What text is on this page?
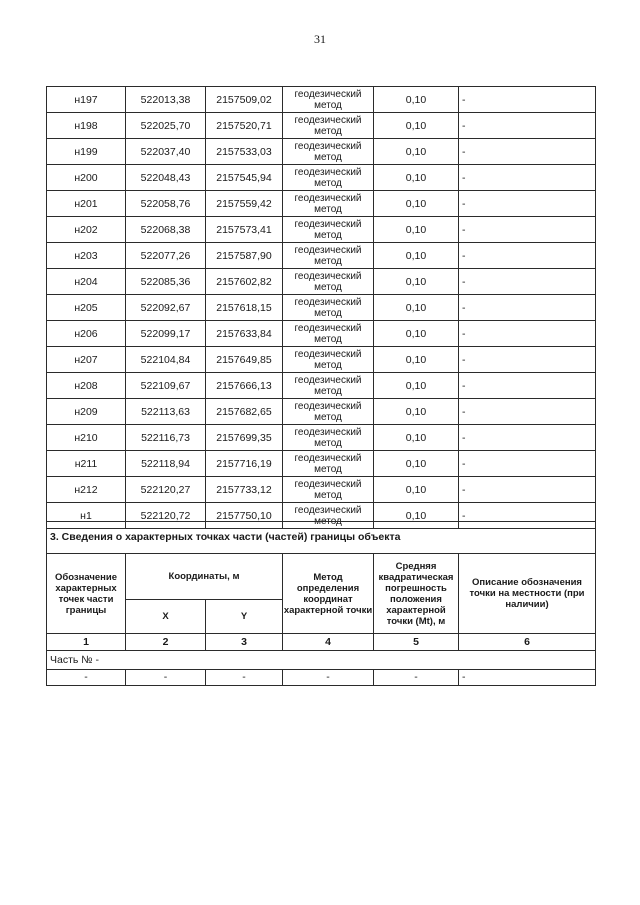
31
н197	522013,38	2157509,02	геодезический метод	0,10	-
н198	522025,70	2157520,71	геодезический метод	0,10	-
н199	522037,40	2157533,03	геодезический метод	0,10	-
н200	522048,43	2157545,94	геодезический метод	0,10	-
н201	522058,76	2157559,42	геодезический метод	0,10	-
н202	522068,38	2157573,41	геодезический метод	0,10	-
н203	522077,26	2157587,90	геодезический метод	0,10	-
н204	522085,36	2157602,82	геодезический метод	0,10	-
н205	522092,67	2157618,15	геодезический метод	0,10	-
н206	522099,17	2157633,84	геодезический метод	0,10	-
н207	522104,84	2157649,85	геодезический метод	0,10	-
н208	522109,67	2157666,13	геодезический метод	0,10	-
н209	522113,63	2157682,65	геодезический метод	0,10	-
н210	522116,73	2157699,35	геодезический метод	0,10	-
н211	522118,94	2157716,19	геодезический метод	0,10	-
н212	522120,27	2157733,12	геодезический метод	0,10	-
н1	522120,72	2157750,10	геодезический метод	0,10	-
3. Сведения о характерных точках части (частей) границы объекта					
Обозначение характерных точек части границы	Координаты, м		Метод определения координат характерной точки	Средняя квадратическая погрешность положения характерной точки (Mt), м	Описание обозначения точки на местности (при наличии)
	X	Y			
1	2	3	4	5	6
Часть № -					
-	-	-	-	-	-
